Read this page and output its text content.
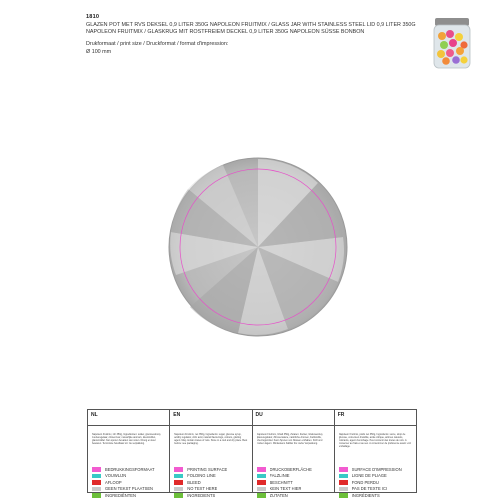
1810
GLAZEN POT MET RVS DEKSEL 0,9 LITER 350G NAPOLEON FRUITMIX / GLASS JAR WITH STAINLESS STEEL LID 0,9 LITER 350G NAPOLEON FRUITMIX / GLASKRUG MIT ROSTFREIEM DECKEL 0,9 LITER 350G NAPOLEON SÜSSE BONBON
Drukformaat / print size / Druckformat / format d'impression:
Ø 100 mm
NL
Napoleon Fruitmix, inh 350g, Ingrediënten: suiker, glucosestroop, zuurteregelaar, citroenzuur, natuurlijke aroma's, kleurstoffen, glansmiddel. Kan sporen bevatten van noten. Droog en koel bewaren. Tenminste houdbaar tot: zie verpakking.
BEDRUKKINGSFORMAAT
VOUWLIJN
AFLOOP
GEEN TEKST PLAATSEN
INGREDIËNTEN
EN
Napoleon Fruitmix, net 350g, Ingredients: sugar, glucose syrup, acidity regulator, citric acid, natural flavourings, colours, glazing agent. May contain traces of nuts. Store in a cool and dry place. Best before: see packaging.
PRINTING SURFACE
FOLDING LINE
BLEED
NO TEXT HERE
INGREDIENTS
DU
Napoleon Fruitmix, Inhalt 350g, Zutaten: Zucker, Glukosesirup, Säureregulator, Zitronensäure, natürliche Aromen, Farbstoffe, Überzugsmittel. Kann Spuren von Nüssen enthalten. Kühl und trocken lagern. Mindestens haltbar bis: siehe Verpackung.
DRUCKOBERFLÄCHE
FALZLINIE
BESCHNITT
KEIN TEXT HIER
ZUTATEN
FR
Napoleon Fruitmix, poids net 350g, Ingrédients: sucre, sirop de glucose, correcteur d'acidité, acide citrique, arômes naturels, colorants, agent d'enrobage. Peut contenir des traces de noix. A conserver au frais et au sec. A consommer de préférence avant: voir emballage.
SURFACE D'IMPRESSION
LIGNE DE PLIAGE
FOND PERDU
PAS DE TEXTE ICI
INGRÉDIENTS
